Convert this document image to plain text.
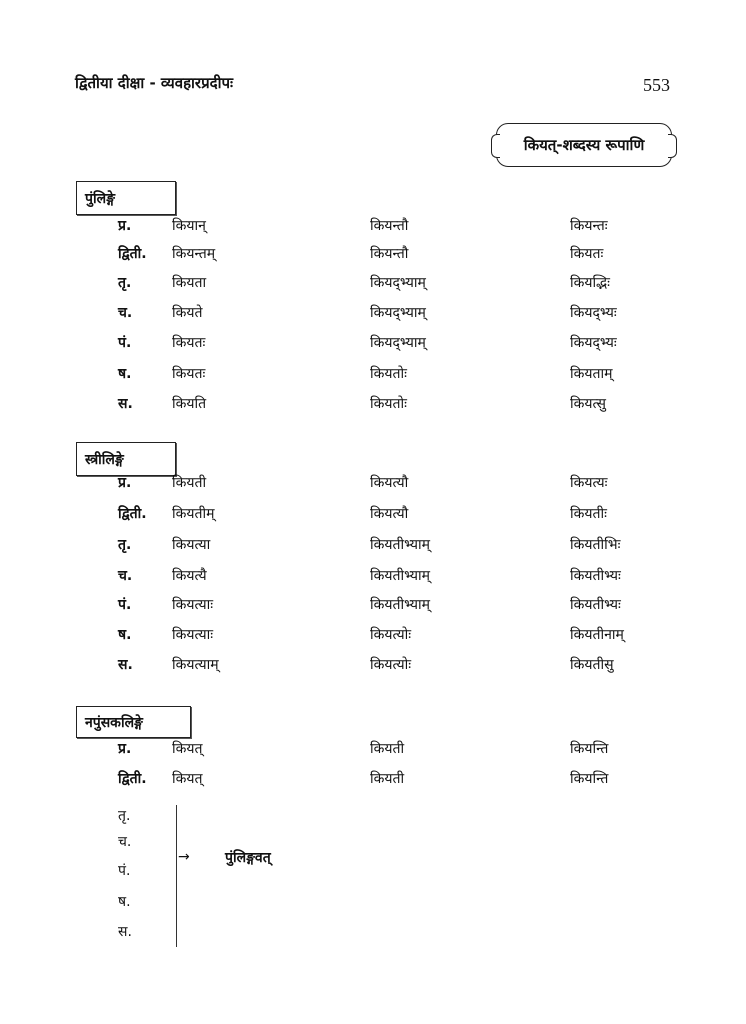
द्वितीया दीक्षा - व्यवहारप्रदीपः	553
कियत्-शब्दस्य रूपाणि
पुंलिङ्गे
प्र.	कियान्	कियन्तौ	कियन्तः
द्विती. कियन्तम्	कियन्तौ	कियतः
तृ.	कियता	कियद्भ्याम्	कियद्भिः
च.	कियते	कियद्भ्याम्	कियद्भ्यः
पं.	कियतः	कियद्भ्याम्	कियद्भ्यः
ष.	कियतः	कियतोः	कियताम्
स.	कियति	कियतोः	कियत्सु
स्त्रीलिङ्गे
प्र.	कियती	कियत्यौ	कियत्यः
द्विती. कियतीम्	कियत्यौ	कियतीः
तृ.	कियत्या	कियतीभ्याम्	कियतीभिः
च.	कियत्यै	कियतीभ्याम्	कियतीभ्यः
पं.	कियत्याः	कियतीभ्याम्	कियतीभ्यः
ष.	कियत्याः	कियत्योः	कियतीनाम्
स.	कियत्याम्	कियत्योः	कियतीसु
नपुंसकलिङ्गे
प्र.	कियत्	कियती	कियन्ति
द्विती. कियत्	कियती	कियन्ति
तृ.
च.
पं.
ष.
स.
→	पुंलिङ्गवत्
